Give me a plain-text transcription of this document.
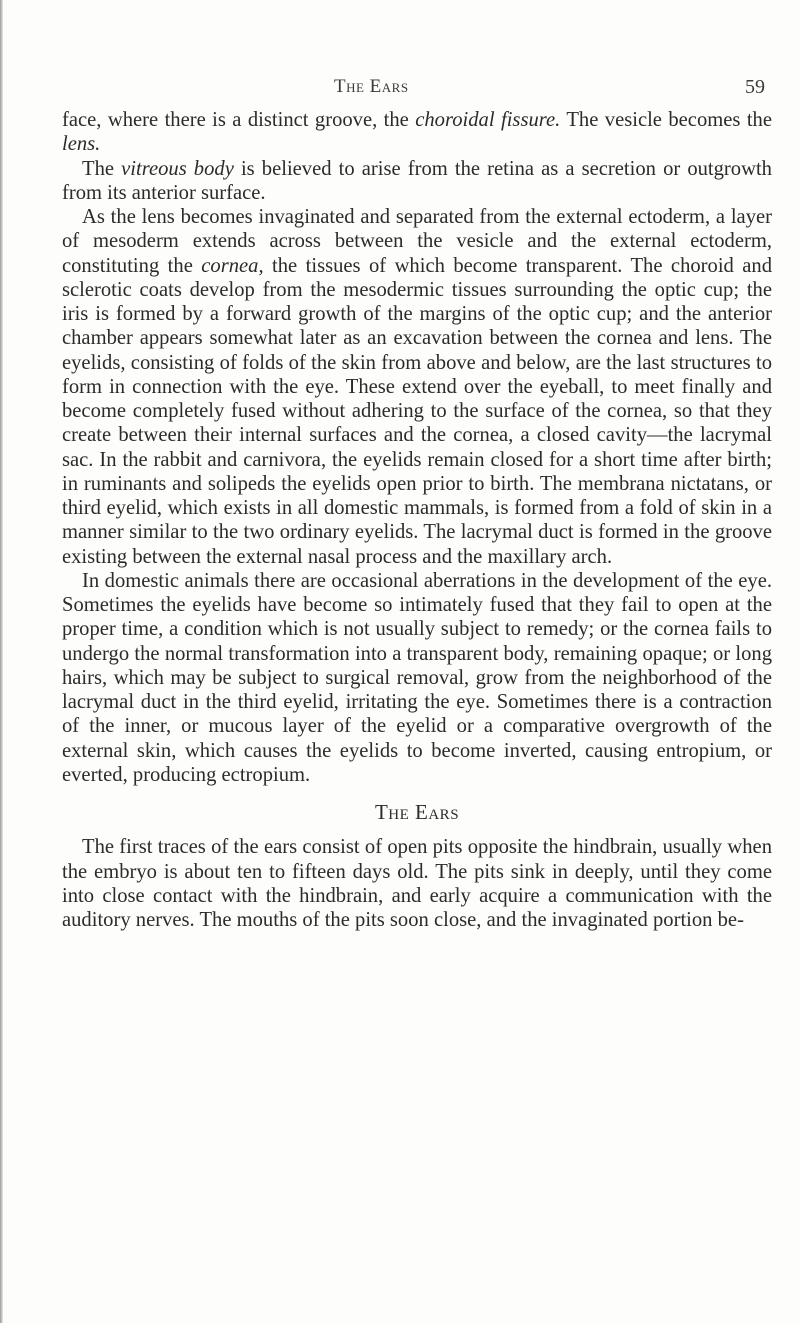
The Ears	59

face, where there is a distinct groove, the choroidal fissure. The vesicle becomes the lens.

The vitreous body is believed to arise from the retina as a secretion or outgrowth from its anterior surface.

As the lens becomes invaginated and separated from the external ectoderm, a layer of mesoderm extends across between the vesicle and the external ectoderm, constituting the cornea, the tissues of which become transparent. The choroid and sclerotic coats develop from the mesodermic tissues surrounding the optic cup; the iris is formed by a forward growth of the margins of the optic cup; and the anterior chamber appears somewhat later as an excavation between the cornea and lens. The eyelids, consisting of folds of the skin from above and below, are the last structures to form in connection with the eye. These extend over the eyeball, to meet finally and become completely fused without adhering to the surface of the cornea, so that they create between their internal surfaces and the cornea, a closed cavity—the lacrymal sac. In the rabbit and carnivora, the eyelids remain closed for a short time after birth; in ruminants and solipeds the eyelids open prior to birth. The membrana nictatans, or third eyelid, which exists in all domestic mammals, is formed from a fold of skin in a manner similar to the two ordinary eyelids. The lacrymal duct is formed in the groove existing between the external nasal process and the maxillary arch.

In domestic animals there are occasional aberrations in the development of the eye. Sometimes the eyelids have become so intimately fused that they fail to open at the proper time, a condition which is not usually subject to remedy; or the cornea fails to undergo the normal transformation into a transparent body, remaining opaque; or long hairs, which may be subject to surgical removal, grow from the neighborhood of the lacrymal duct in the third eyelid, irritating the eye. Sometimes there is a contraction of the inner, or mucous layer of the eyelid or a comparative overgrowth of the external skin, which causes the eyelids to become inverted, causing entropium, or everted, producing ectropium.

The Ears

The first traces of the ears consist of open pits opposite the hindbrain, usually when the embryo is about ten to fifteen days old. The pits sink in deeply, until they come into close contact with the hindbrain, and early acquire a communication with the auditory nerves. The mouths of the pits soon close, and the invaginated portion be-
